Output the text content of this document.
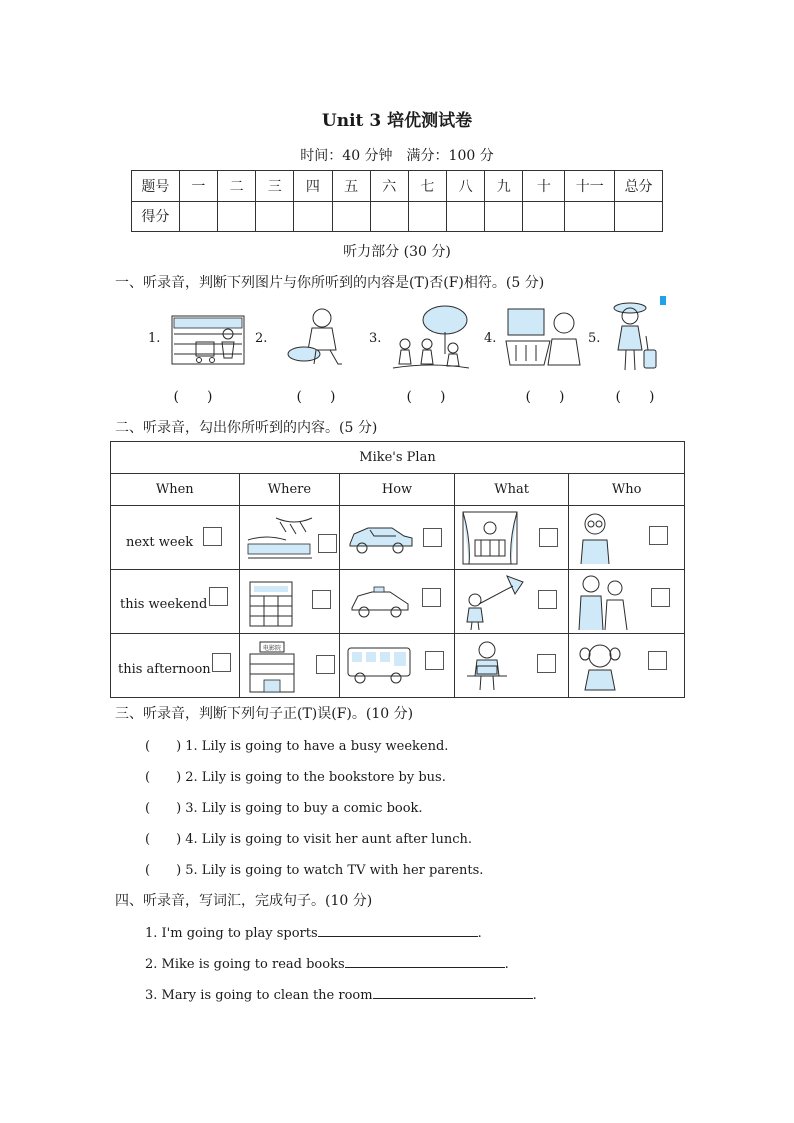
Unit 3 培优测试卷
时间：40 分钟　满分：100 分
题号	一	二	三	四	五	六	七	八	九	十	十一	总分
得分												
听力部分 (30 分)
一、听录音，判断下列图片与你所听到的内容是(T)否(F)相符。(5 分)
1.
(　　)
2.
(　　)
3.
(　　)
4.
(　　)
5.
(　　)
二、听录音，勾出你所听到的内容。(5 分)
Mike's Plan				
When	Where	How	What	Who

next week

this weekend

this afternoon	电影院

三、听录音，判断下列句子正(T)误(F)。(10 分)
(　　) 1. Lily is going to have a busy weekend.
(　　) 2. Lily is going to the bookstore by bus.
(　　) 3. Lily is going to buy a comic book.
(　　) 4. Lily is going to visit her aunt after lunch.
(　　) 5. Lily is going to watch TV with her parents.
四、听录音，写词汇，完成句子。(10 分)
1. I'm going to play sports	.
2. Mike is going to read books	.
3. Mary is going to clean the room	.
